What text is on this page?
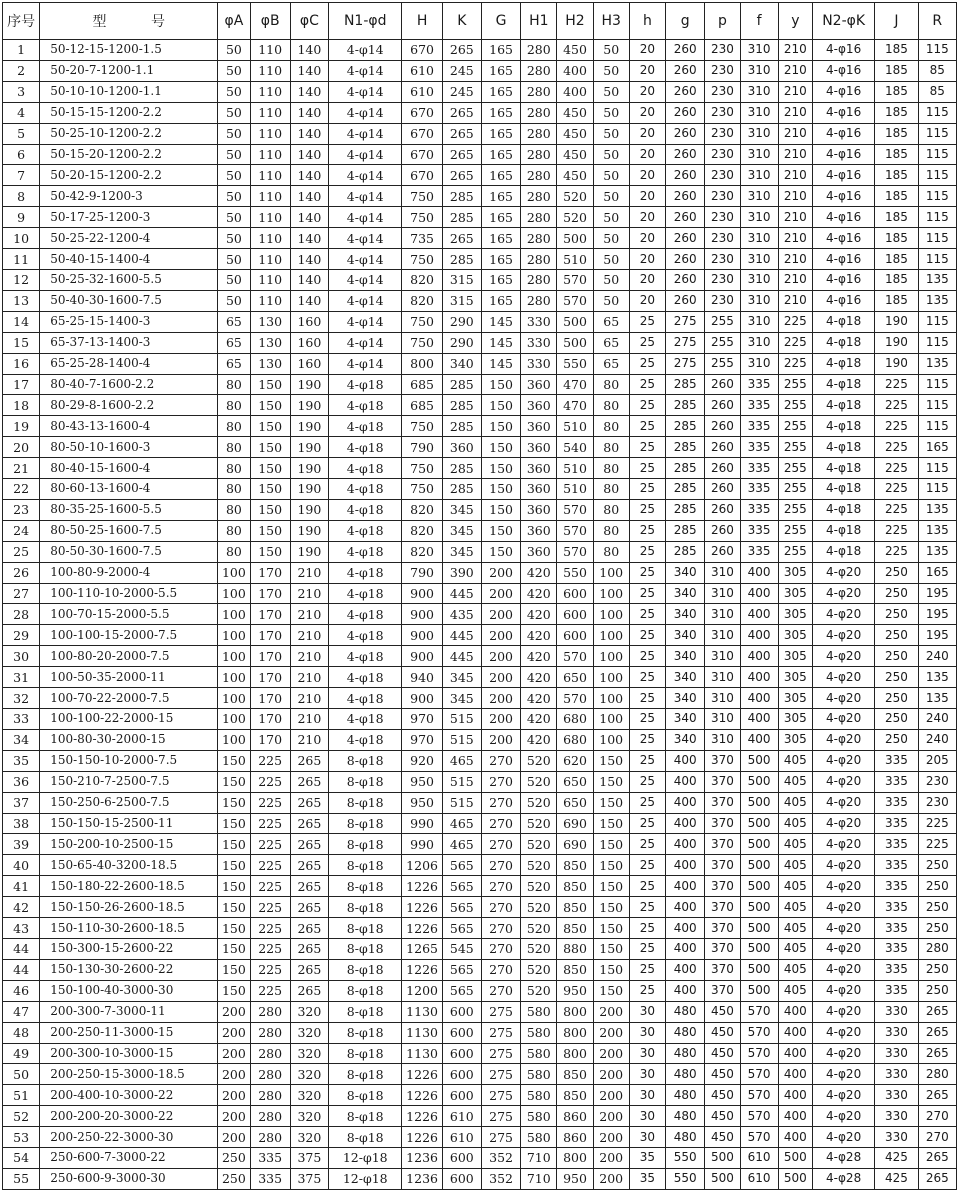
序号	型 号	φA	φB	φC	N1-φd	H	K	G	H1	H2	H3	h	g	p	f	y	N2-φK	J	R
1	50-12-15-1200-1.5	50	110	140	4-φ14	670	265	165	280	450	50	20	260	230	310	210	4-φ16	185	115
2	50-20-7-1200-1.1	50	110	140	4-φ14	610	245	165	280	400	50	20	260	230	310	210	4-φ16	185	85
3	50-10-10-1200-1.1	50	110	140	4-φ14	610	245	165	280	400	50	20	260	230	310	210	4-φ16	185	85
4	50-15-15-1200-2.2	50	110	140	4-φ14	670	265	165	280	450	50	20	260	230	310	210	4-φ16	185	115
5	50-25-10-1200-2.2	50	110	140	4-φ14	670	265	165	280	450	50	20	260	230	310	210	4-φ16	185	115
6	50-15-20-1200-2.2	50	110	140	4-φ14	670	265	165	280	450	50	20	260	230	310	210	4-φ16	185	115
7	50-20-15-1200-2.2	50	110	140	4-φ14	670	265	165	280	450	50	20	260	230	310	210	4-φ16	185	115
8	50-42-9-1200-3	50	110	140	4-φ14	750	285	165	280	520	50	20	260	230	310	210	4-φ16	185	115
9	50-17-25-1200-3	50	110	140	4-φ14	750	285	165	280	520	50	20	260	230	310	210	4-φ16	185	115
10	50-25-22-1200-4	50	110	140	4-φ14	735	265	165	280	500	50	20	260	230	310	210	4-φ16	185	115
11	50-40-15-1400-4	50	110	140	4-φ14	750	285	165	280	510	50	20	260	230	310	210	4-φ16	185	115
12	50-25-32-1600-5.5	50	110	140	4-φ14	820	315	165	280	570	50	20	260	230	310	210	4-φ16	185	135
13	50-40-30-1600-7.5	50	110	140	4-φ14	820	315	165	280	570	50	20	260	230	310	210	4-φ16	185	135
14	65-25-15-1400-3	65	130	160	4-φ14	750	290	145	330	500	65	25	275	255	310	225	4-φ18	190	115
15	65-37-13-1400-3	65	130	160	4-φ14	750	290	145	330	500	65	25	275	255	310	225	4-φ18	190	115
16	65-25-28-1400-4	65	130	160	4-φ14	800	340	145	330	550	65	25	275	255	310	225	4-φ18	190	135
17	80-40-7-1600-2.2	80	150	190	4-φ18	685	285	150	360	470	80	25	285	260	335	255	4-φ18	225	115
18	80-29-8-1600-2.2	80	150	190	4-φ18	685	285	150	360	470	80	25	285	260	335	255	4-φ18	225	115
19	80-43-13-1600-4	80	150	190	4-φ18	750	285	150	360	510	80	25	285	260	335	255	4-φ18	225	115
20	80-50-10-1600-3	80	150	190	4-φ18	790	360	150	360	540	80	25	285	260	335	255	4-φ18	225	165
21	80-40-15-1600-4	80	150	190	4-φ18	750	285	150	360	510	80	25	285	260	335	255	4-φ18	225	115
22	80-60-13-1600-4	80	150	190	4-φ18	750	285	150	360	510	80	25	285	260	335	255	4-φ18	225	115
23	80-35-25-1600-5.5	80	150	190	4-φ18	820	345	150	360	570	80	25	285	260	335	255	4-φ18	225	135
24	80-50-25-1600-7.5	80	150	190	4-φ18	820	345	150	360	570	80	25	285	260	335	255	4-φ18	225	135
25	80-50-30-1600-7.5	80	150	190	4-φ18	820	345	150	360	570	80	25	285	260	335	255	4-φ18	225	135
26	100-80-9-2000-4	100	170	210	4-φ18	790	390	200	420	550	100	25	340	310	400	305	4-φ20	250	165
27	100-110-10-2000-5.5	100	170	210	4-φ18	900	445	200	420	600	100	25	340	310	400	305	4-φ20	250	195
28	100-70-15-2000-5.5	100	170	210	4-φ18	900	435	200	420	600	100	25	340	310	400	305	4-φ20	250	195
29	100-100-15-2000-7.5	100	170	210	4-φ18	900	445	200	420	600	100	25	340	310	400	305	4-φ20	250	195
30	100-80-20-2000-7.5	100	170	210	4-φ18	900	445	200	420	570	100	25	340	310	400	305	4-φ20	250	240
31	100-50-35-2000-11	100	170	210	4-φ18	940	345	200	420	650	100	25	340	310	400	305	4-φ20	250	135
32	100-70-22-2000-7.5	100	170	210	4-φ18	900	345	200	420	570	100	25	340	310	400	305	4-φ20	250	135
33	100-100-22-2000-15	100	170	210	4-φ18	970	515	200	420	680	100	25	340	310	400	305	4-φ20	250	240
34	100-80-30-2000-15	100	170	210	4-φ18	970	515	200	420	680	100	25	340	310	400	305	4-φ20	250	240
35	150-150-10-2000-7.5	150	225	265	8-φ18	920	465	270	520	620	150	25	400	370	500	405	4-φ20	335	205
36	150-210-7-2500-7.5	150	225	265	8-φ18	950	515	270	520	650	150	25	400	370	500	405	4-φ20	335	230
37	150-250-6-2500-7.5	150	225	265	8-φ18	950	515	270	520	650	150	25	400	370	500	405	4-φ20	335	230
38	150-150-15-2500-11	150	225	265	8-φ18	990	465	270	520	690	150	25	400	370	500	405	4-φ20	335	225
39	150-200-10-2500-15	150	225	265	8-φ18	990	465	270	520	690	150	25	400	370	500	405	4-φ20	335	225
40	150-65-40-3200-18.5	150	225	265	8-φ18	1206	565	270	520	850	150	25	400	370	500	405	4-φ20	335	250
41	150-180-22-2600-18.5	150	225	265	8-φ18	1226	565	270	520	850	150	25	400	370	500	405	4-φ20	335	250
42	150-150-26-2600-18.5	150	225	265	8-φ18	1226	565	270	520	850	150	25	400	370	500	405	4-φ20	335	250
43	150-110-30-2600-18.5	150	225	265	8-φ18	1226	565	270	520	850	150	25	400	370	500	405	4-φ20	335	250
44	150-300-15-2600-22	150	225	265	8-φ18	1265	545	270	520	880	150	25	400	370	500	405	4-φ20	335	280
44	150-130-30-2600-22	150	225	265	8-φ18	1226	565	270	520	850	150	25	400	370	500	405	4-φ20	335	250
46	150-100-40-3000-30	150	225	265	8-φ18	1200	565	270	520	950	150	25	400	370	500	405	4-φ20	335	250
47	200-300-7-3000-11	200	280	320	8-φ18	1130	600	275	580	800	200	30	480	450	570	400	4-φ20	330	265
48	200-250-11-3000-15	200	280	320	8-φ18	1130	600	275	580	800	200	30	480	450	570	400	4-φ20	330	265
49	200-300-10-3000-15	200	280	320	8-φ18	1130	600	275	580	800	200	30	480	450	570	400	4-φ20	330	265
50	200-250-15-3000-18.5	200	280	320	8-φ18	1226	600	275	580	850	200	30	480	450	570	400	4-φ20	330	280
51	200-400-10-3000-22	200	280	320	8-φ18	1226	600	275	580	850	200	30	480	450	570	400	4-φ20	330	265
52	200-200-20-3000-22	200	280	320	8-φ18	1226	610	275	580	860	200	30	480	450	570	400	4-φ20	330	270
53	200-250-22-3000-30	200	280	320	8-φ18	1226	610	275	580	860	200	30	480	450	570	400	4-φ20	330	270
54	250-600-7-3000-22	250	335	375	12-φ18	1236	600	352	710	800	200	35	550	500	610	500	4-φ28	425	265
55	250-600-9-3000-30	250	335	375	12-φ18	1236	600	352	710	950	200	35	550	500	610	500	4-φ28	425	265
